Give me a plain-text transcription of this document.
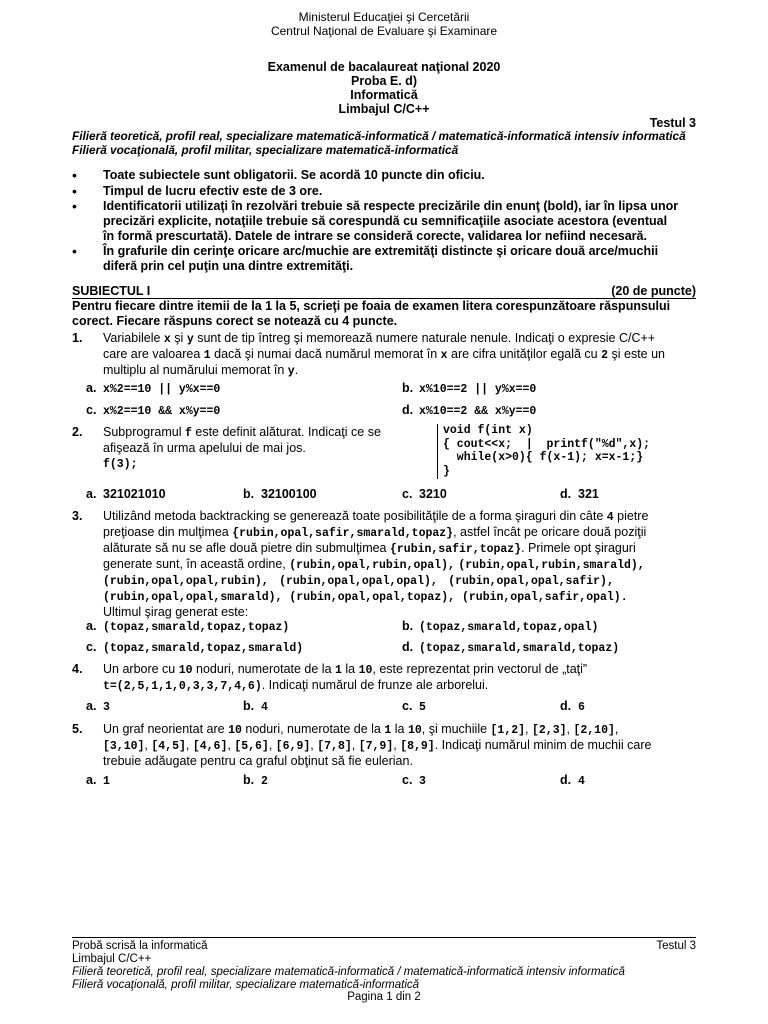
Ministerul Educaţiei şi Cercetării
Centrul Naţional de Evaluare şi Examinare
Examenul de bacalaureat naţional 2020
Proba E. d)
Informatică
Limbajul C/C++
Testul 3
Filieră teoretică, profil real, specializare matematică-informatică / matematică-informatică intensiv informatică
Filieră vocaţională, profil militar, specializare matematică-informatică
• Toate subiectele sunt obligatorii. Se acordă 10 puncte din oficiu.
• Timpul de lucru efectiv este de 3 ore.
• Identificatorii utilizaţi în rezolvări trebuie să respecte precizările din enunţ (bold), iar în lipsa unor
precizări explicite, notaţiile trebuie să corespundă cu semnificaţiile asociate acestora (eventual
în formă prescurtată). Datele de intrare se consideră corecte, validarea lor nefiind necesară.
• În grafurile din cerinţe oricare arc/muchie are extremităţi distincte şi oricare două arce/muchii
diferă prin cel puţin una dintre extremităţi.
SUBIECTUL I	(20 de puncte)
Pentru fiecare dintre itemii de la 1 la 5, scrieţi pe foaia de examen litera corespunzătoare răspunsului
corect. Fiecare răspuns corect se notează cu 4 puncte.
1. Variabilele x şi y sunt de tip întreg şi memorează numere naturale nenule. Indicaţi o expresie C/C++
care are valoarea 1 dacă şi numai dacă numărul memorat în x are cifra unităţilor egală cu 2 şi este un
multiplu al numărului memorat în y.
a. x%2==10 || y%x==0	b. x%10==2 || y%x==0
c. x%2==10 && x%y==0	d. x%10==2 && x%y==0
2. Subprogramul f este definit alăturat. Indicaţi ce se
afişează în urma apelului de mai jos.
f(3);
void f(int x)
{ cout<<x;  |  printf("%d",x);
while(x>0){ f(x-1); x=x-1;}
}
a. 321021010	b. 32100100	c. 3210	d. 321
3. Utilizând metoda backtracking se generează toate posibilităţile de a forma şiraguri din câte 4 pietre
preţioase din mulţimea {rubin,opal,safir,smarald,topaz}, astfel încât pe oricare două poziţii
alăturate să nu se afle două pietre din submulţimea {rubin,safir,topaz}. Primele opt şiraguri
generate sunt, în această ordine, (rubin,opal,rubin,opal), (rubin,opal,rubin,smarald),
(rubin,opal,opal,rubin), (rubin,opal,opal,opal), (rubin,opal,opal,safir),
(rubin,opal,opal,smarald), (rubin,opal,opal,topaz), (rubin,opal,safir,opal).
Ultimul şirag generat este:
a. (topaz,smarald,topaz,topaz)	b. (topaz,smarald,topaz,opal)
c. (topaz,smarald,topaz,smarald)	d. (topaz,smarald,smarald,topaz)
4. Un arbore cu 10 noduri, numerotate de la 1 la 10, este reprezentat prin vectorul de „taţi”
t=(2,5,1,1,0,3,3,7,4,6). Indicaţi numărul de frunze ale arborelui.
a. 3	b. 4	c. 5	d. 6
5. Un graf neorientat are 10 noduri, numerotate de la 1 la 10, şi muchiile [1,2], [2,3], [2,10],
[3,10], [4,5], [4,6], [5,6], [6,9], [7,8], [7,9], [8,9]. Indicaţi numărul minim de muchii care
trebuie adăugate pentru ca graful obţinut să fie eulerian.
a. 1	b. 2	c. 3	d. 4
Probă scrisă la informatică	Testul 3
Limbajul C/C++
Filieră teoretică, profil real, specializare matematică-informatică / matematică-informatică intensiv informatică
Filieră vocaţională, profil militar, specializare matematică-informatică
Pagina 1 din 2
